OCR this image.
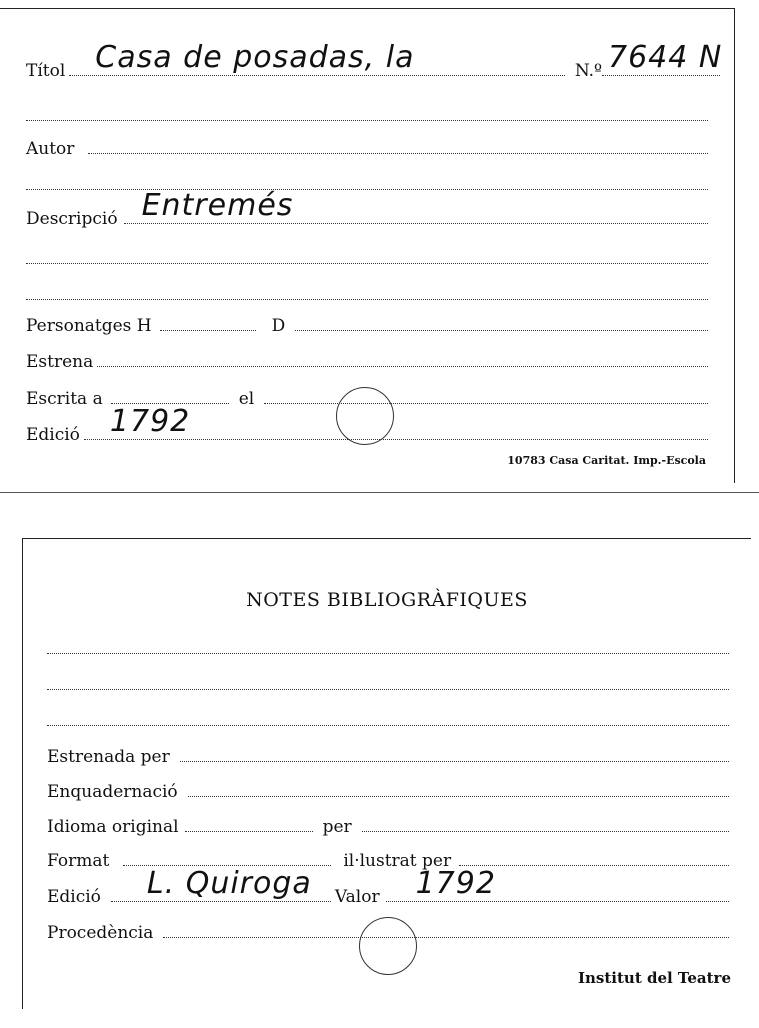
Títol Casa de posadas, la	N.º 7644 N
Autor
Descripció Entremés
Personatges H	D
Estrena
Escrita a	el
Edició 1792
10783 Casa Caritat. Imp.-Escola
NOTES BIBLIOGRÀFIQUES
Estrenada per
Enquadernació
Idioma original	per
Format	il·lustrat per
Edició L. Quiroga Valor 1792
Procedència
Institut del Teatre
